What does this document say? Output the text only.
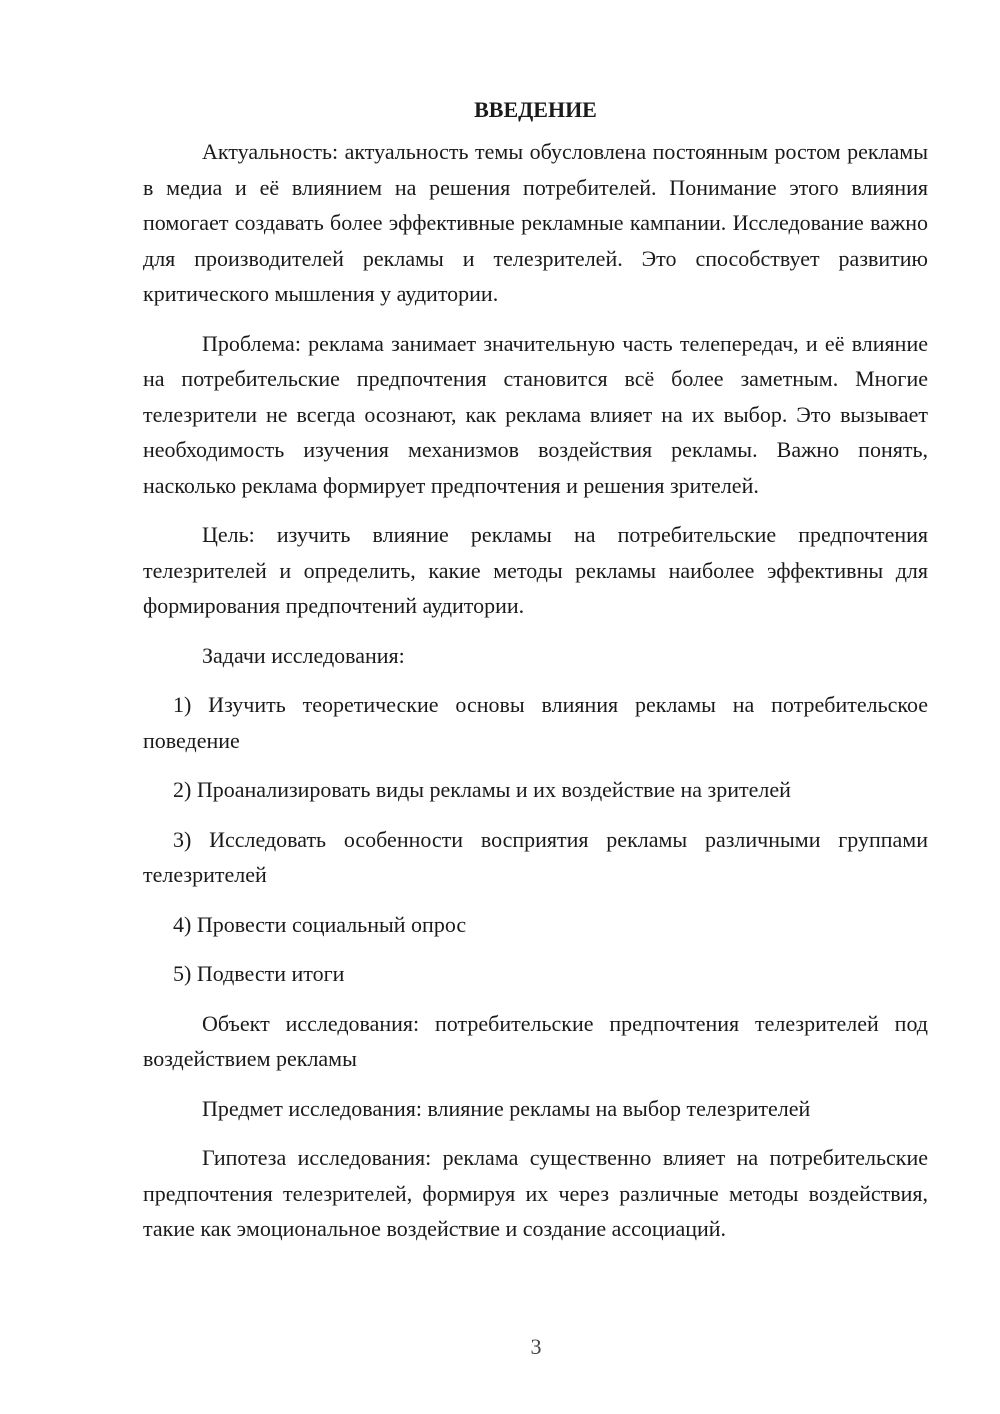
ВВЕДЕНИЕ

Актуальность: актуальность темы обусловлена постоянным ростом рекламы в медиа и её влиянием на решения потребителей. Понимание этого влияния помогает создавать более эффективные рекламные кампании. Исследование важно для производителей рекламы и телезрителей. Это способствует развитию критического мышления у аудитории.

Проблема: реклама занимает значительную часть телепередач, и её влияние на потребительские предпочтения становится всё более заметным. Многие телезрители не всегда осознают, как реклама влияет на их выбор. Это вызывает необходимость изучения механизмов воздействия рекламы. Важно понять, насколько реклама формирует предпочтения и решения зрителей.

Цель: изучить влияние рекламы на потребительские предпочтения телезрителей и определить, какие методы рекламы наиболее эффективны для формирования предпочтений аудитории.

Задачи исследования:

1) Изучить теоретические основы влияния рекламы на потребительское поведение

2) Проанализировать виды рекламы и их воздействие на зрителей

3) Исследовать особенности восприятия рекламы различными группами телезрителей

4) Провести социальный опрос

5) Подвести итоги

Объект исследования: потребительские предпочтения телезрителей под воздействием рекламы

Предмет исследования: влияние рекламы на выбор телезрителей

Гипотеза исследования: реклама существенно влияет на потребительские предпочтения телезрителей, формируя их через различные методы воздействия, такие как эмоциональное воздействие и создание ассоциаций.

3
